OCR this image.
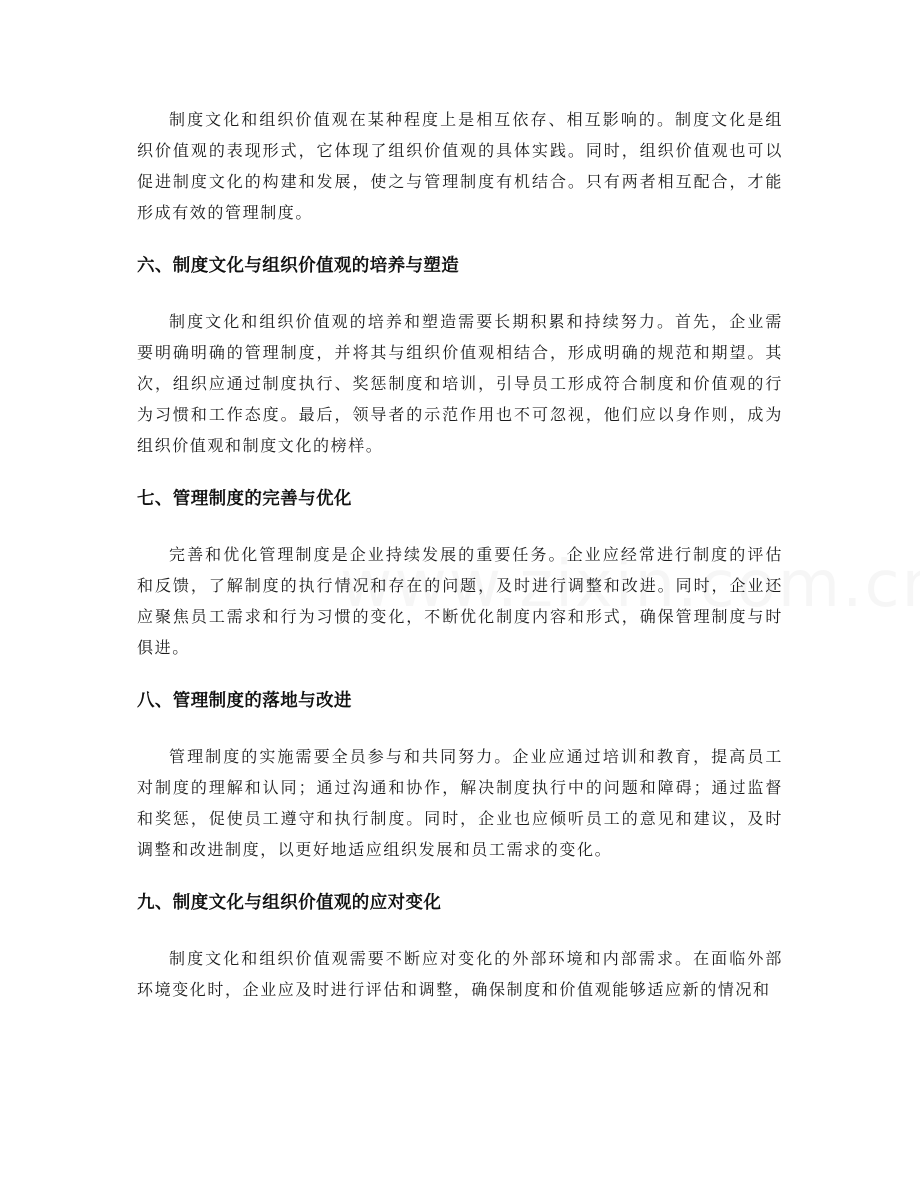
制度文化和组织价值观在某种程度上是相互依存、相互影响的。制度文化是组织价值观的表现形式，它体现了组织价值观的具体实践。同时，组织价值观也可以促进制度文化的构建和发展，使之与管理制度有机结合。只有两者相互配合，才能形成有效的管理制度。

六、制度文化与组织价值观的培养与塑造

制度文化和组织价值观的培养和塑造需要长期积累和持续努力。首先，企业需要明确明确的管理制度，并将其与组织价值观相结合，形成明确的规范和期望。其次，组织应通过制度执行、奖惩制度和培训，引导员工形成符合制度和价值观的行为习惯和工作态度。最后，领导者的示范作用也不可忽视，他们应以身作则，成为组织价值观和制度文化的榜样。

七、管理制度的完善与优化

完善和优化管理制度是企业持续发展的重要任务。企业应经常进行制度的评估和反馈，了解制度的执行情况和存在的问题，及时进行调整和改进。同时，企业还应聚焦员工需求和行为习惯的变化，不断优化制度内容和形式，确保管理制度与时俱进。

八、管理制度的落地与改进

管理制度的实施需要全员参与和共同努力。企业应通过培训和教育，提高员工对制度的理解和认同；通过沟通和协作，解决制度执行中的问题和障碍；通过监督和奖惩，促使员工遵守和执行制度。同时，企业也应倾听员工的意见和建议，及时调整和改进制度，以更好地适应组织发展和员工需求的变化。

九、制度文化与组织价值观的应对变化

制度文化和组织价值观需要不断应对变化的外部环境和内部需求。在面临外部环境变化时，企业应及时进行评估和调整，确保制度和价值观能够适应新的情况和
